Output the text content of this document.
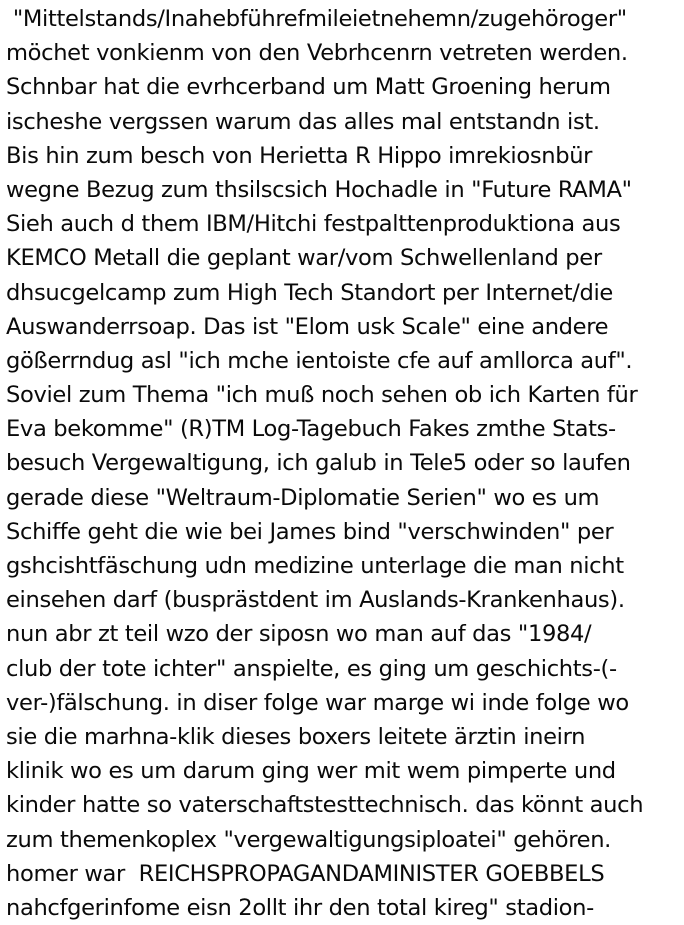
"Mittelstands/Inahebführefmileietnehemn/zugehöroger"
möchet vonkienm von den Vebrhcenrn vetreten werden.
Schnbar hat die evrhcerband um Matt Groening herum
ischeshe vergssen warum das alles mal entstandn ist.
Bis hin zum besch von Herietta R Hippo imrekiosnbür
wegne Bezug zum thsilscsich Hochadle in "Future RAMA"
Sieh auch d them IBM/Hitchi festpalttenproduktiona aus
KEMCO Metall die geplant war/vom Schwellenland per
dhsucgelcamp zum High Tech Standort per Internet/die
Auswanderrsoap. Das ist "Elom usk Scale" eine andere
gößerrndug asl "ich mche ientoiste cfe auf amllorca auf".
Soviel zum Thema "ich muß noch sehen ob ich Karten für
Eva bekomme" (R)TM Log-Tagebuch Fakes zmthe Stats-
besuch Vergewaltigung, ich galub in Tele5 oder so laufen
gerade diese "Weltraum-Diplomatie Serien" wo es um
Schiffe geht die wie bei James bind "verschwinden" per
gshcishtfäschung udn medizine unterlage die man nicht
einsehen darf (busprästdent im Auslands-Krankenhaus).
nun abr zt teil wzo der siposn wo man auf das "1984/
club der tote ichter" anspielte, es ging um geschichts-(-
ver-)fälschung. in diser folge war marge wi inde folge wo
sie die marhna-klik dieses boxers leitete ärztin ineirn
klinik wo es um darum ging wer mit wem pimperte und
kinder hatte so vaterschaftstesttechnisch. das könnt auch
zum themenkoplex "vergewaltigungsiploatei" gehören.
homer war  REICHSPROPAGANDAMINISTER GOEBBELS
nahcfgerinfome eisn 2ollt ihr den total kireg" stadion-
